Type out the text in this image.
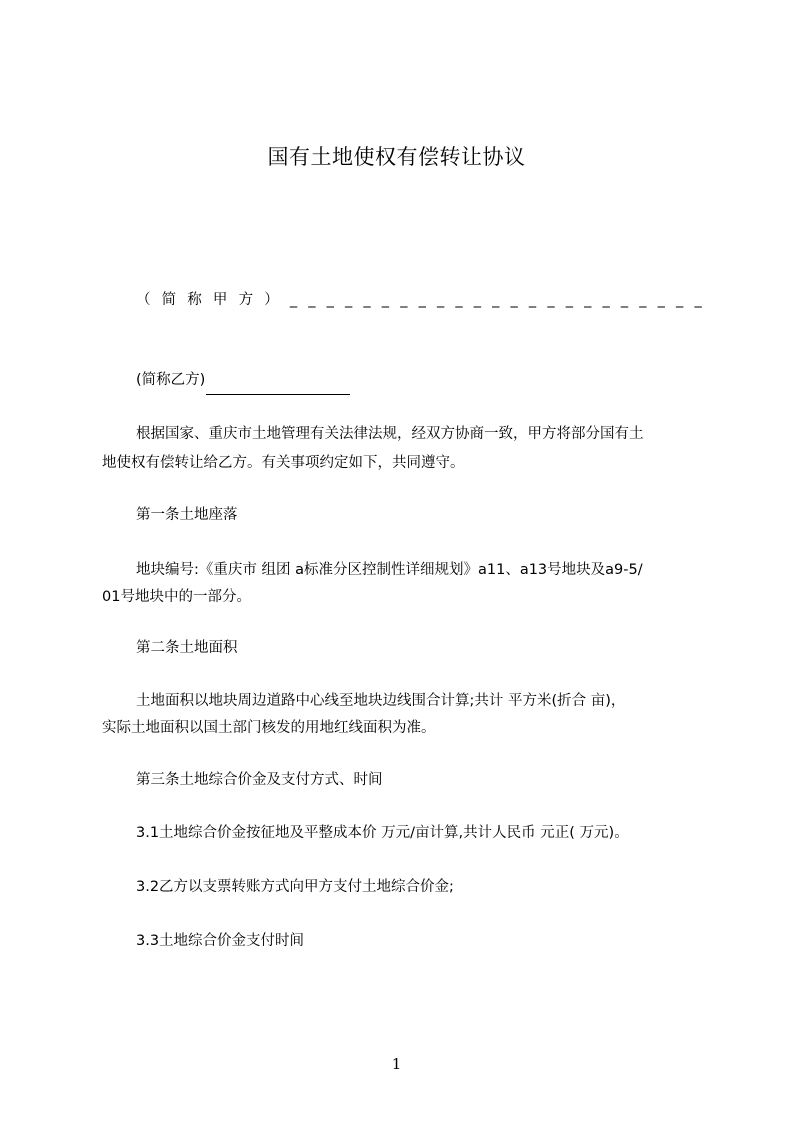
国有土地使权有偿转让协议
（ 简 称 甲 方 ） _ _ _ _ _ _ _ _ _ _ _ _ _ _ _ _ _ _ _ _ _ _ _
(简称乙方)
根据国家、重庆市土地管理有关法律法规，经双方协商一致，甲方将部分国有土
地使权有偿转让给乙方。有关事项约定如下，共同遵守。
第一条土地座落
地块编号:《重庆市 组团 a标准分区控制性详细规划》a11、a13号地块及a9-5/
01号地块中的一部分。
第二条土地面积
土地面积以地块周边道路中心线至地块边线围合计算;共计 平方米(折合 亩)，
实际土地面积以国土部门核发的用地红线面积为准。
第三条土地综合价金及支付方式、时间
3.1土地综合价金按征地及平整成本价 万元/亩计算,共计人民币 元正( 万元)。
3.2乙方以支票转账方式向甲方支付土地综合价金;
3.3土地综合价金支付时间
1
